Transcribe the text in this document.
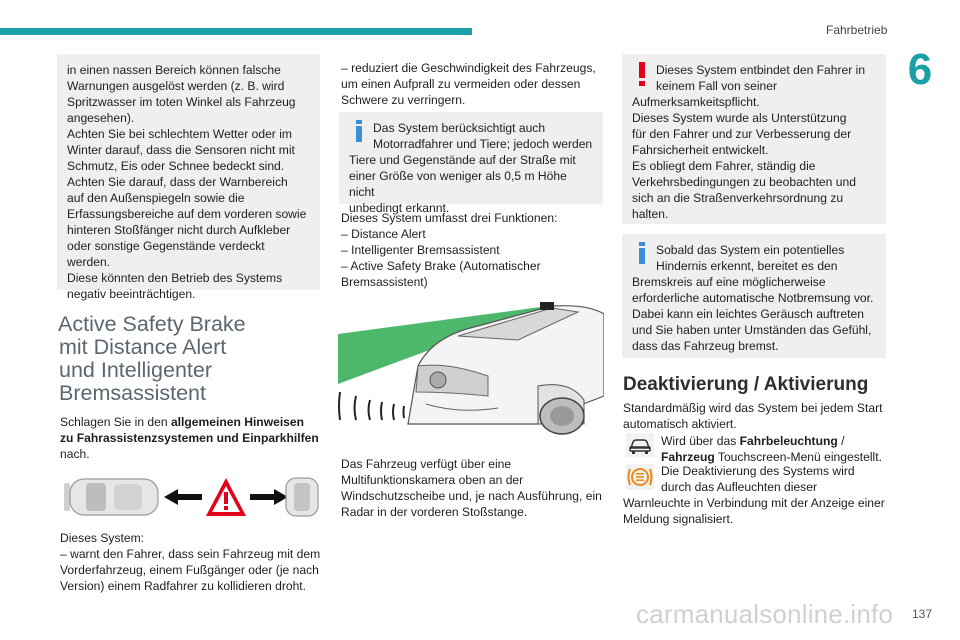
Fahrbetrieb
6
in einen nassen Bereich können falsche
Warnungen ausgelöst werden (z. B. wird
Spritzwasser im toten Winkel als Fahrzeug
angesehen).
Achten Sie bei schlechtem Wetter oder im
Winter darauf, dass die Sensoren nicht mit
Schmutz, Eis oder Schnee bedeckt sind.
Achten Sie darauf, dass der Warnbereich
auf den Außenspiegeln sowie die
Erfassungsbereiche auf dem vorderen sowie
hinteren Stoßfänger nicht durch Aufkleber
oder sonstige Gegenstände verdeckt werden.
Diese könnten den Betrieb des Systems
negativ beeinträchtigen.
Active Safety Brake
mit Distance Alert
und Intelligenter
Bremsassistent
Schlagen Sie in den allgemeinen Hinweisen
zu Fahrassistenzsystemen und Einparkhilfen
nach.
Dieses System:
– warnt den Fahrer, dass sein Fahrzeug mit dem
Vorderfahrzeug, einem Fußgänger oder (je nach
Version) einem Radfahrer zu kollidieren droht.
– reduziert die Geschwindigkeit des Fahrzeugs,
um einen Aufprall zu vermeiden oder dessen
Schwere zu verringern.
Das System berücksichtigt auch
Motorradfahrer und Tiere; jedoch werden
Tiere und Gegenstände auf der Straße mit
einer Größe von weniger als 0,5 m Höhe nicht
unbedingt erkannt.
Dieses System umfasst drei Funktionen:
– Distance Alert
– Intelligenter Bremsassistent
– Active Safety Brake (Automatischer
Bremsassistent)
Das Fahrzeug verfügt über eine
Multifunktionskamera oben an der
Windschutzscheibe und, je nach Ausführung, ein
Radar in der vorderen Stoßstange.
Dieses System entbindet den Fahrer in
keinem Fall von seiner
Aufmerksamkeitspflicht.
Dieses System wurde als Unterstützung
für den Fahrer und zur Verbesserung der
Fahrsicherheit entwickelt.
Es obliegt dem Fahrer, ständig die
Verkehrsbedingungen zu beobachten und
sich an die Straßenverkehrsordnung zu
halten.
Sobald das System ein potentielles
Hindernis erkennt, bereitet es den
Bremskreis auf eine möglicherweise
erforderliche automatische Notbremsung vor.
Dabei kann ein leichtes Geräusch auftreten
und Sie haben unter Umständen das Gefühl,
dass das Fahrzeug bremst.
Deaktivierung / Aktivierung
Standardmäßig wird das System bei jedem Start
automatisch aktiviert.
Wird über das Fahrbeleuchtung /
Fahrzeug Touchscreen-Menü eingestellt.
Die Deaktivierung des Systems wird
durch das Aufleuchten dieser
Warnleuchte in Verbindung mit der Anzeige einer
Meldung signalisiert.
137
carmanualsonline.info
